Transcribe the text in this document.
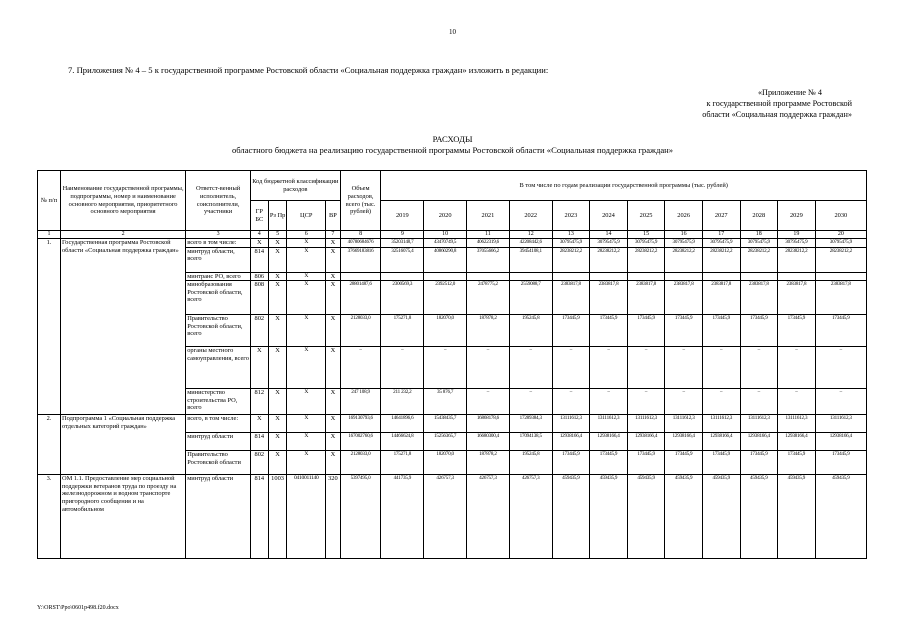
10
7. Приложения № 4 – 5 к государственной программе Ростовской области «Социальная поддержка граждан» изложить в редакции:
«Приложение № 4
к государственной программе Ростовской
области «Социальная поддержка граждан»
РАСХОДЫ
областного бюджета на реализацию государственной программы Ростовской области «Социальная поддержка граждан»
№ п/п	Наименование государственной программы, подпрограммы, номер и наименование основного мероприятия, приоритетного основного мероприятия	Ответст-венный исполнитель, соисполнители, участники	Код бюджетной классификации расходов				Объем расходов, всего (тыс. рублей)	В том числе по годам реализации государственной программы (тыс. рублей)											
			ГР БС	Рз Пр	ЦСР	ВР		2019	2020	2021	2022	2023	2024	2025	2026	2027	2028	2029	2030
1	2	3	4	5	6	7	8	9	10	11	12	13	14	15	16	17	18	19	20
1.	Государственная программа Ростовской области «Социальная поддержка граждан»	всего в том числе:	X	X	X	X	40780684676	35203148,7	43470749,5	40622319,6	42208442,6	30795475,9	30795475,9	30795475,9	30795475,9	30795475,9	30795475,9	30795475,9	30795475,9
		минтруд области, всего	814	X	X	X	37669183816	32516075,4	40860290,8	37055666,2	39454108,1	28238212,2	28238212,2	28238212,2	28238212,2	28238212,2	28238212,2	28238212,2	28238212,2
		минтранс РО, всего	806	X	X	X													
		минобразования Ростовской области, всего	808	X	X	X	28801487,6	2300569,3	2392512,0	2478775,2	2559088,7	2383817,8	2383817,8	2383817,8	2383817,8	2383817,8	2383817,8	2383817,8	2383817,8
		Правительство Ростовской области, всего	802	X	X	X	2128033,0	175271,8	182070,0	187878,2	195245,8	173445,9	173445,9	173445,9	173445,9	173445,9	173445,9	173445,9	173445,9
		органы местного самоуправления, всего	X	X	X	X	–	–	–	–	–	–	–	–	–	–	–	–	–
		министерство строительства РО, всего	812	X	X	X	247 108,9	211 232,2	35 876,7	–	–	–	–	–	–	–	–	–	–
2.	Подпрограмма 1 «Социальная поддержка отдельных категорий граждан»	всего, в том числе:	X	X	X	X	169130793,6	14641896,6	15438435,7	16868178,6	17289384,3	13111612,3	13111612,3	13111612,3	13111612,3	13111612,3	13111612,3	13111612,3	13111612,3
		минтруд области	814	X	X	X	167002760,6	14466624,8	15256365,7	16680300,4	17094138,5	12938166,4	12938166,4	12938166,4	12938166,4	12938166,4	12938166,4	12938166,4	12938166,4
		Правительство Ростовской области	802	X	X	X	2128033,0	175271,8	182070,0	187878,2	195245,8	173445,9	173445,9	173445,9	173445,9	173445,9	173445,9	173445,9	173445,9
3.	ОМ 1.1. Предоставление мер социальной поддержки ветеранов труда по проезду на железнодорожном и водном транспорте пригородного сообщения и на автомобильном	минтруд области	814	1003	0410011140	320	5397495,0	441735,9	426757,3	426757,3	426757,3	459435,9	459435,9	459435,9	459435,9	459435,9	459435,9	459435,9	459435,9
Y:\ORST\Ppo\0601p498.f20.docx
